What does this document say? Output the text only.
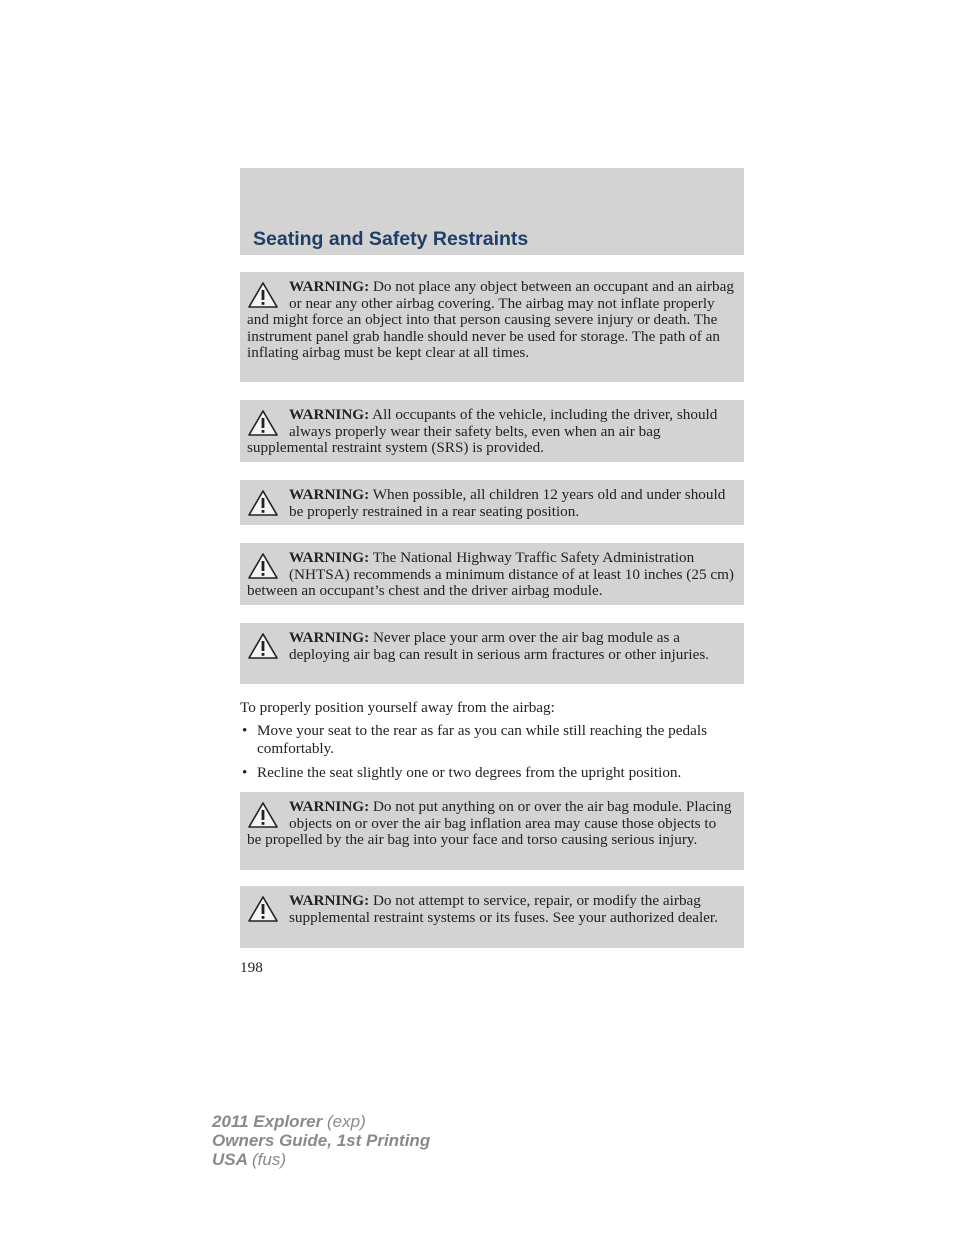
Seating and Safety Restraints
WARNING: Do not place any object between an occupant and an airbag or near any other airbag covering. The airbag may not inflate properly and might force an object into that person causing severe injury or death. The instrument panel grab handle should never be used for storage. The path of an inflating airbag must be kept clear at all times.
WARNING: All occupants of the vehicle, including the driver, should always properly wear their safety belts, even when an air bag supplemental restraint system (SRS) is provided.
WARNING: When possible, all children 12 years old and under should be properly restrained in a rear seating position.
WARNING: The National Highway Traffic Safety Administration (NHTSA) recommends a minimum distance of at least 10 inches (25 cm) between an occupant’s chest and the driver airbag module.
WARNING: Never place your arm over the air bag module as a deploying air bag can result in serious arm fractures or other injuries.

To properly position yourself away from the airbag:

• Move your seat to the rear as far as you can while still reaching the pedals comfortably.
• Recline the seat slightly one or two degrees from the upright position.
WARNING: Do not put anything on or over the air bag module. Placing objects on or over the air bag inflation area may cause those objects to be propelled by the air bag into your face and torso causing serious injury.
WARNING: Do not attempt to service, repair, or modify the airbag supplemental restraint systems or its fuses. See your authorized dealer.
198
2011 Explorer (exp)
Owners Guide, 1st Printing
USA (fus)
